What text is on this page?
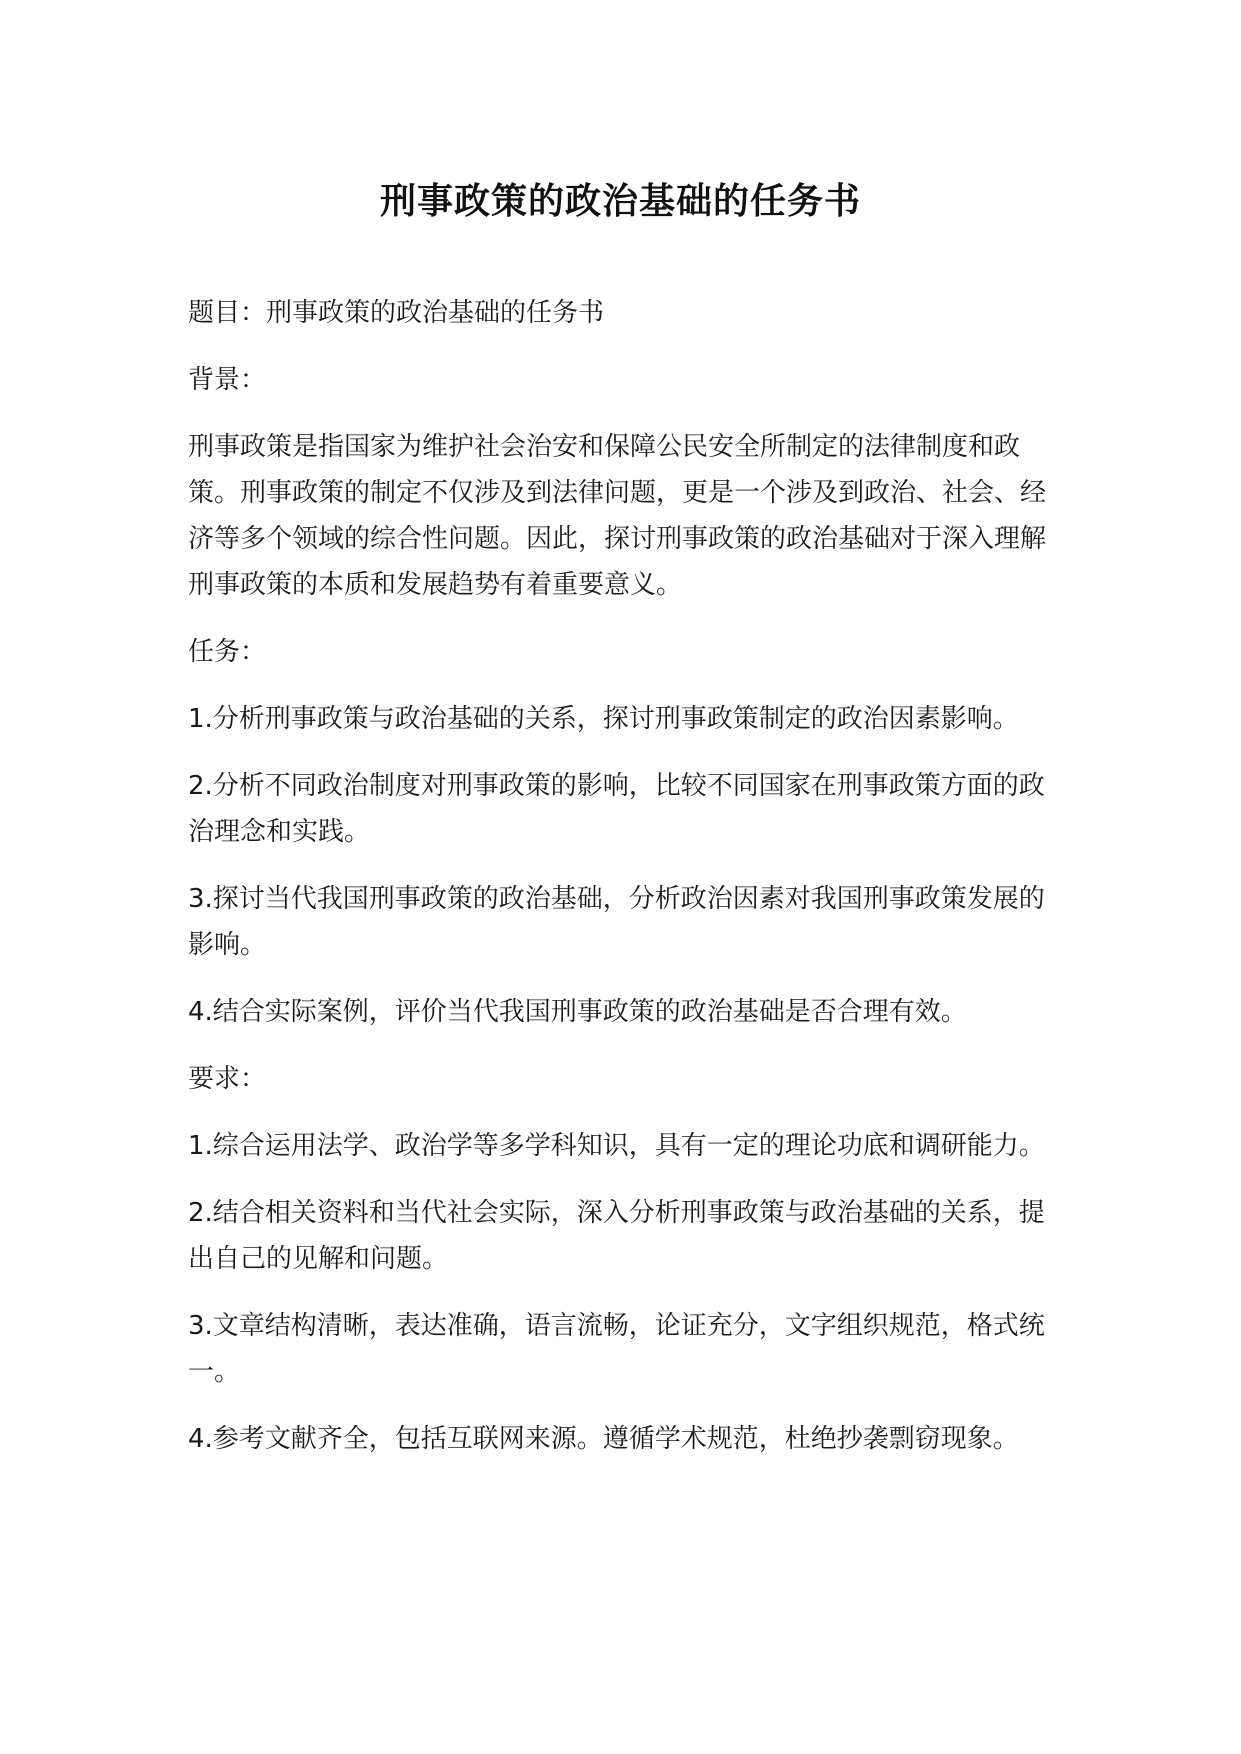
刑事政策的政治基础的任务书

题目：刑事政策的政治基础的任务书

背景：

刑事政策是指国家为维护社会治安和保障公民安全所制定的法律制度和政策。刑事政策的制定不仅涉及到法律问题，更是一个涉及到政治、社会、经济等多个领域的综合性问题。因此，探讨刑事政策的政治基础对于深入理解刑事政策的本质和发展趋势有着重要意义。

任务：

1.分析刑事政策与政治基础的关系，探讨刑事政策制定的政治因素影响。

2.分析不同政治制度对刑事政策的影响，比较不同国家在刑事政策方面的政治理念和实践。

3.探讨当代我国刑事政策的政治基础，分析政治因素对我国刑事政策发展的影响。

4.结合实际案例，评价当代我国刑事政策的政治基础是否合理有效。

要求：

1.综合运用法学、政治学等多学科知识，具有一定的理论功底和调研能力。

2.结合相关资料和当代社会实际，深入分析刑事政策与政治基础的关系，提出自己的见解和问题。

3.文章结构清晰，表达准确，语言流畅，论证充分，文字组织规范，格式统一。

4.参考文献齐全，包括互联网来源。遵循学术规范，杜绝抄袭剽窃现象。
